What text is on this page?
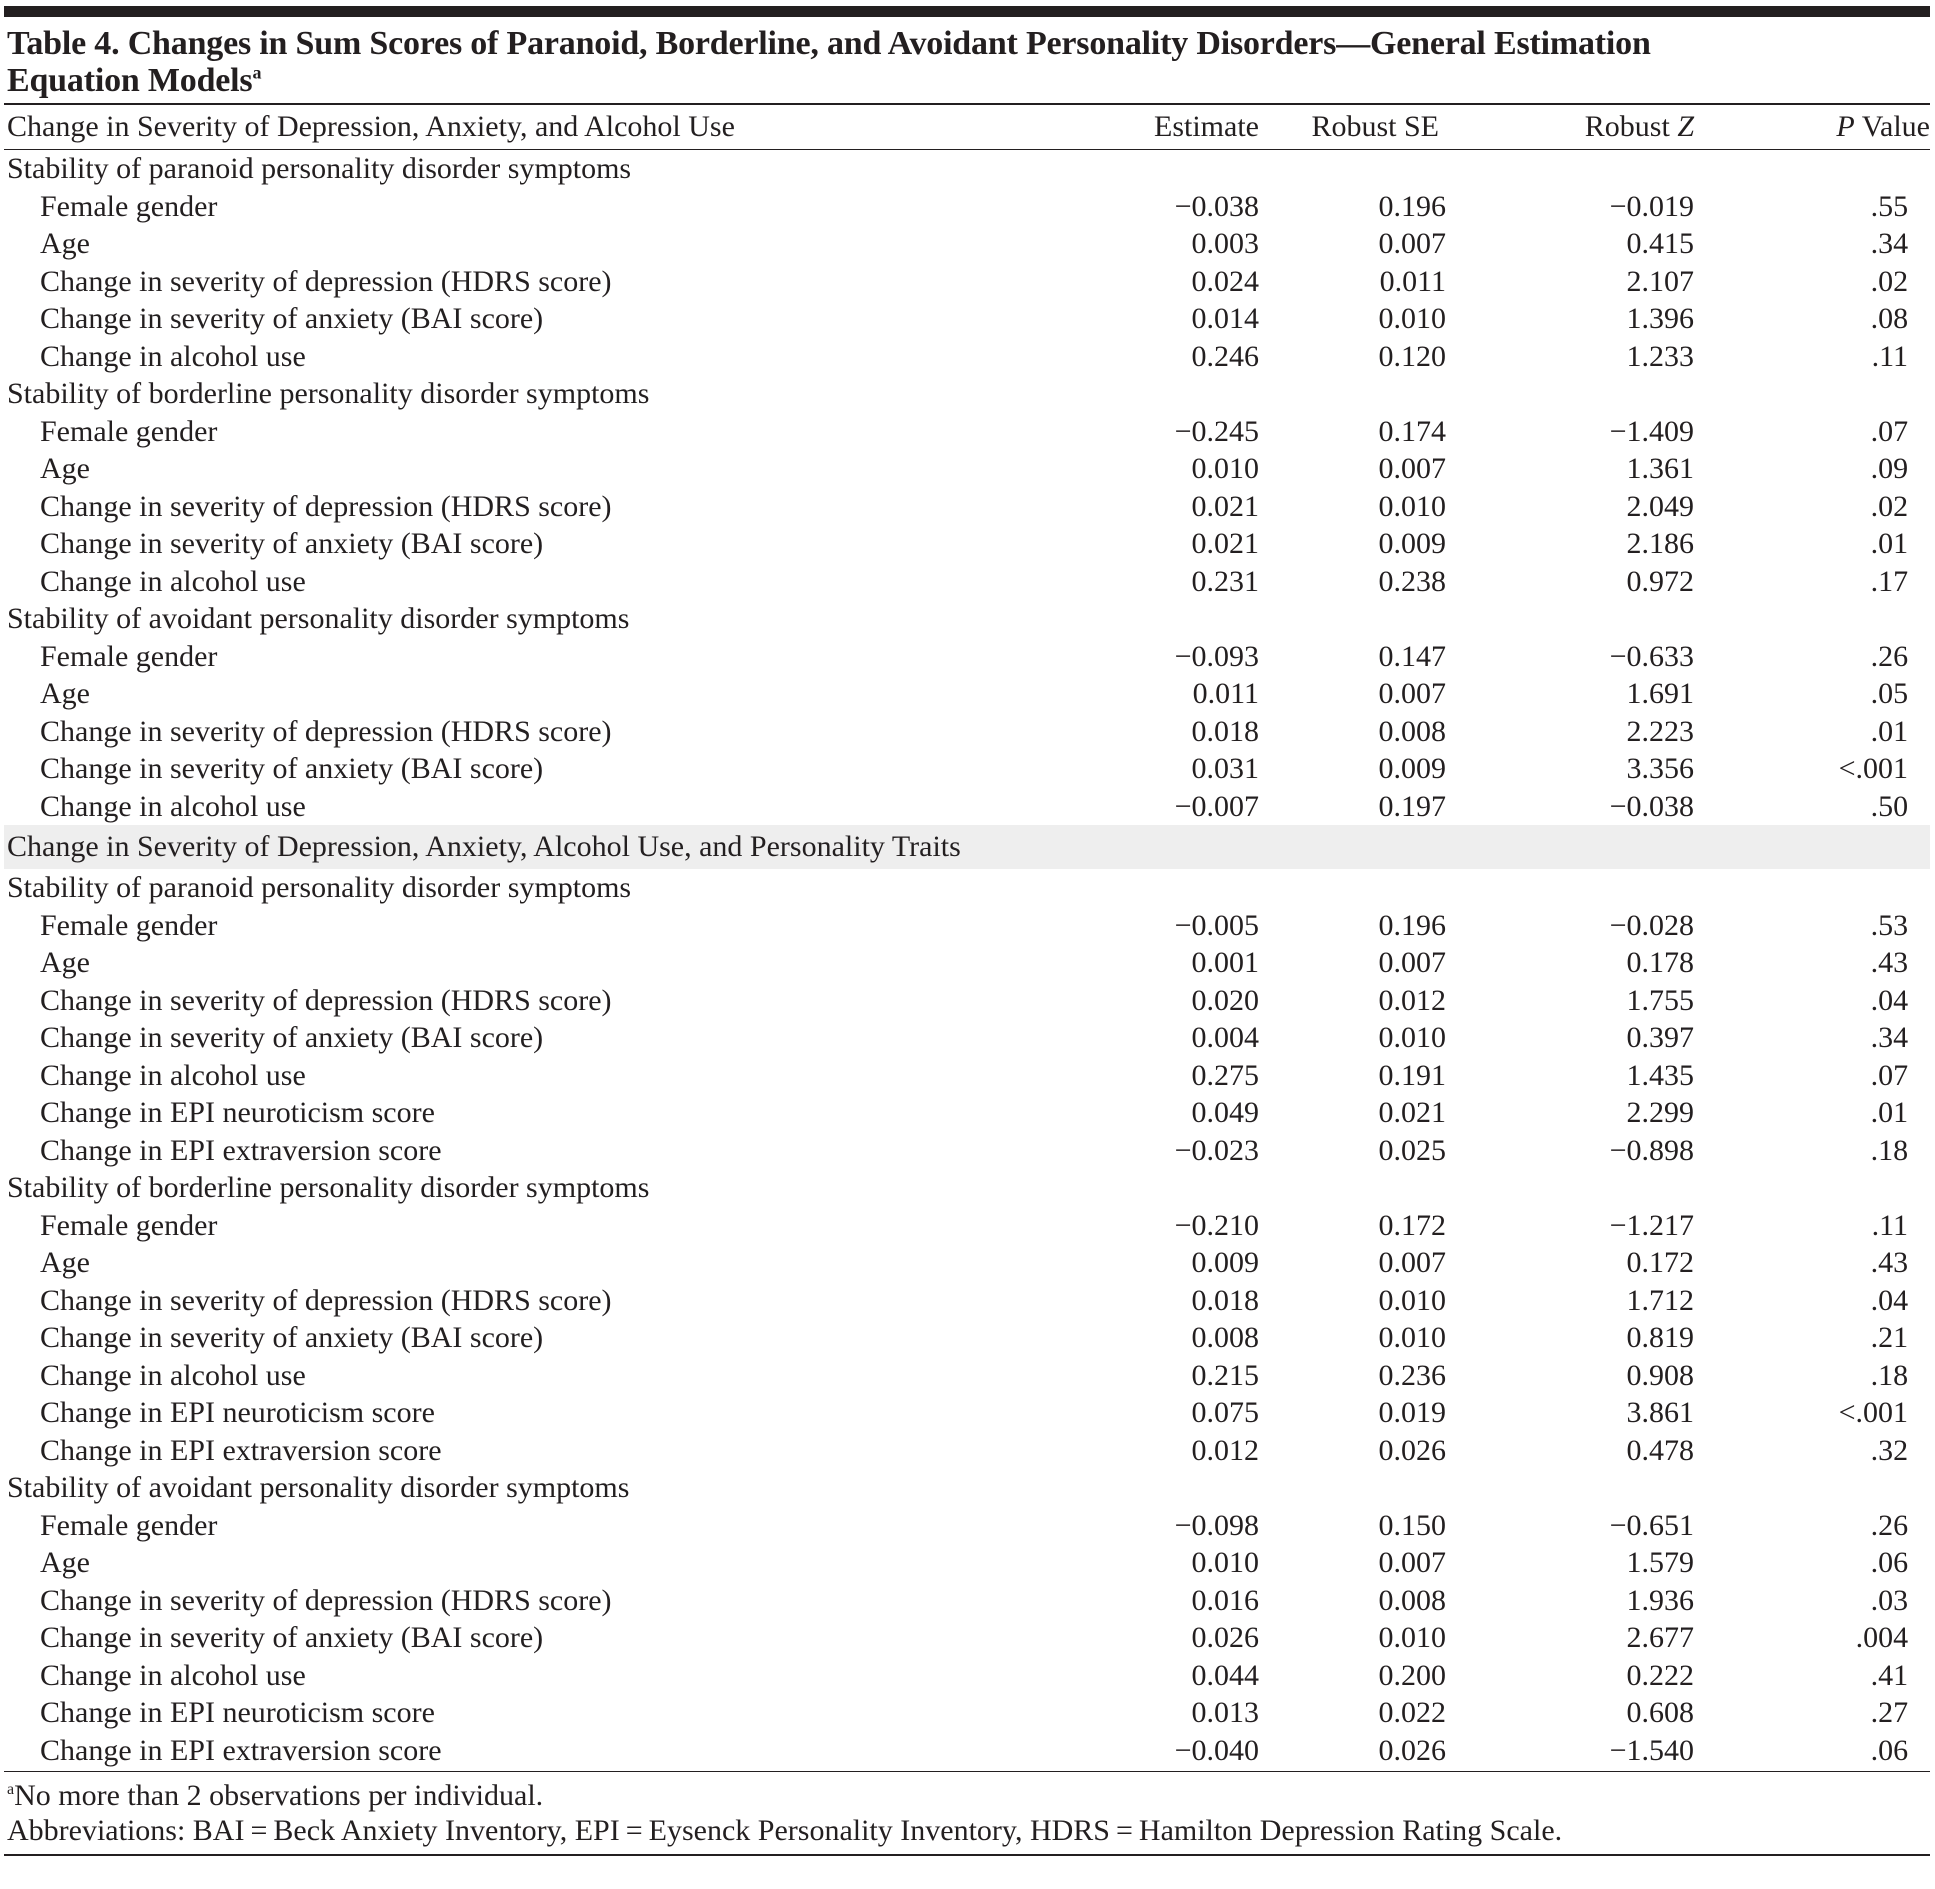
Table 4. Changes in Sum Scores of Paranoid, Borderline, and Avoidant Personality Disorders—General Estimation
Equation Models$^a$
Change in Severity of Depression, Anxiety, and Alcohol Use	Estimate	Robust SE	Robust Z	P Value
Stability of paranoid personality disorder symptoms				
Female gender	−0.038	0.196	−0.019	.55
Age	0.003	0.007	0.415	.34
Change in severity of depression (HDRS score)	0.024	0.011	2.107	.02
Change in severity of anxiety (BAI score)	0.014	0.010	1.396	.08
Change in alcohol use	0.246	0.120	1.233	.11
Stability of borderline personality disorder symptoms				
Female gender	−0.245	0.174	−1.409	.07
Age	0.010	0.007	1.361	.09
Change in severity of depression (HDRS score)	0.021	0.010	2.049	.02
Change in severity of anxiety (BAI score)	0.021	0.009	2.186	.01
Change in alcohol use	0.231	0.238	0.972	.17
Stability of avoidant personality disorder symptoms				
Female gender	−0.093	0.147	−0.633	.26
Age	0.011	0.007	1.691	.05
Change in severity of depression (HDRS score)	0.018	0.008	2.223	.01
Change in severity of anxiety (BAI score)	0.031	0.009	3.356	<.001
Change in alcohol use	−0.007	0.197	−0.038	.50
Change in Severity of Depression, Anxiety, Alcohol Use, and Personality Traits
Stability of paranoid personality disorder symptoms				
Female gender	−0.005	0.196	−0.028	.53
Age	0.001	0.007	0.178	.43
Change in severity of depression (HDRS score)	0.020	0.012	1.755	.04
Change in severity of anxiety (BAI score)	0.004	0.010	0.397	.34
Change in alcohol use	0.275	0.191	1.435	.07
Change in EPI neuroticism score	0.049	0.021	2.299	.01
Change in EPI extraversion score	−0.023	0.025	−0.898	.18
Stability of borderline personality disorder symptoms				
Female gender	−0.210	0.172	−1.217	.11
Age	0.009	0.007	0.172	.43
Change in severity of depression (HDRS score)	0.018	0.010	1.712	.04
Change in severity of anxiety (BAI score)	0.008	0.010	0.819	.21
Change in alcohol use	0.215	0.236	0.908	.18
Change in EPI neuroticism score	0.075	0.019	3.861	<.001
Change in EPI extraversion score	0.012	0.026	0.478	.32
Stability of avoidant personality disorder symptoms				
Female gender	−0.098	0.150	−0.651	.26
Age	0.010	0.007	1.579	.06
Change in severity of depression (HDRS score)	0.016	0.008	1.936	.03
Change in severity of anxiety (BAI score)	0.026	0.010	2.677	.004
Change in alcohol use	0.044	0.200	0.222	.41
Change in EPI neuroticism score	0.013	0.022	0.608	.27
Change in EPI extraversion score	−0.040	0.026	−1.540	.06
$^a$No more than 2 observations per individual.
Abbreviations: BAI = Beck Anxiety Inventory, EPI = Eysenck Personality Inventory, HDRS = Hamilton Depression Rating Scale.
